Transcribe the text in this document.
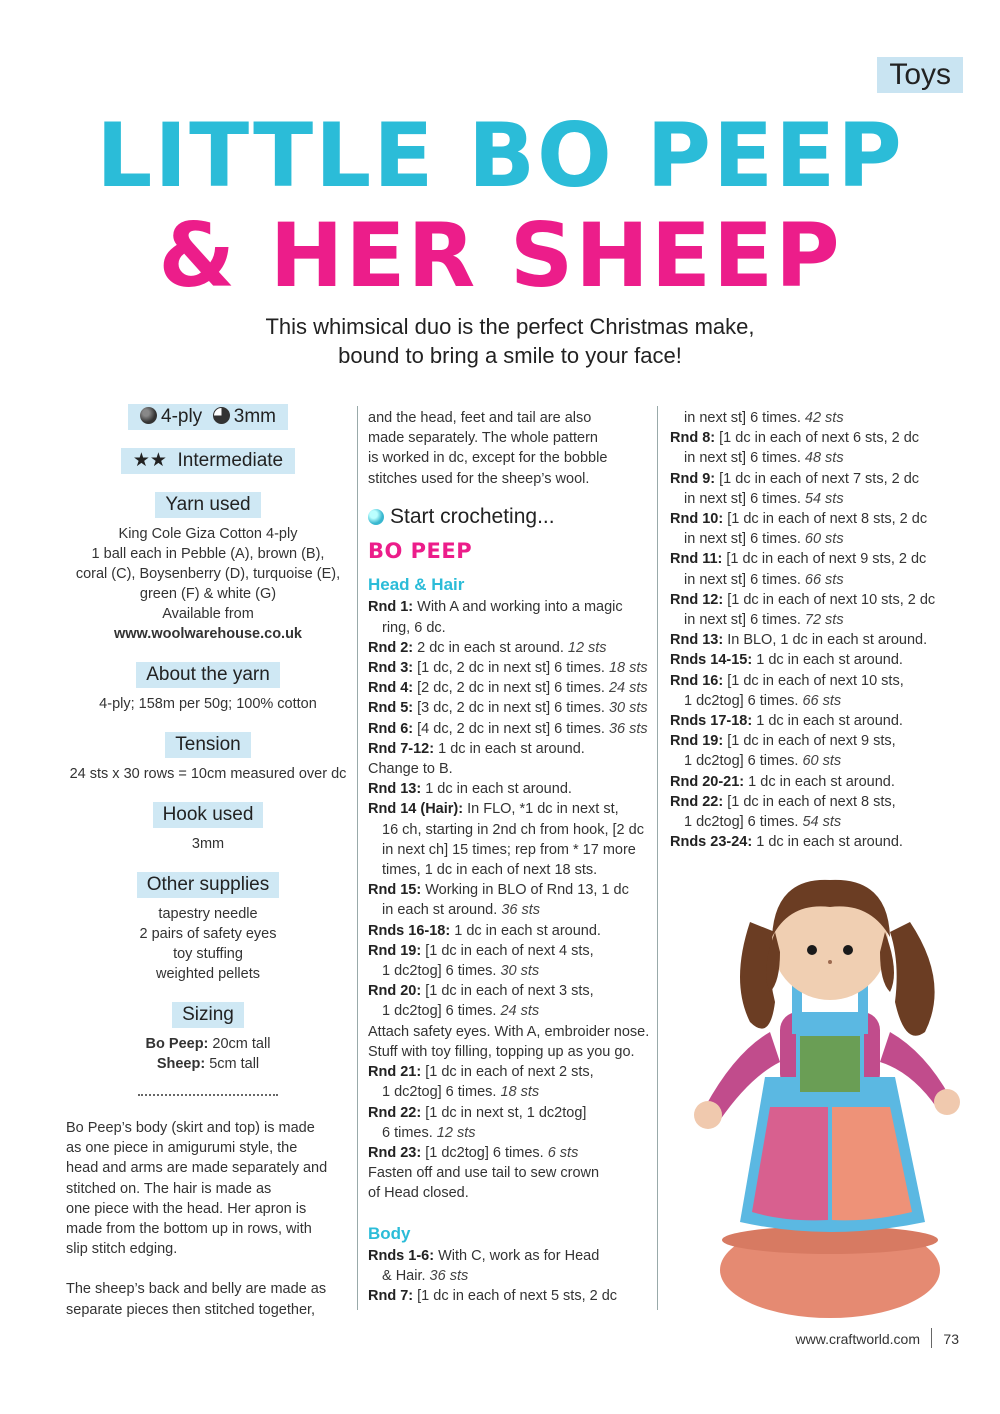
Toys
LITTLE BO PEEP
& HER SHEEP
This whimsical duo is the perfect Christmas make,
bound to bring a smile to your face!
4-ply 3mm
★★ Intermediate
Yarn used

King Cole Giza Cotton 4-ply

1 ball each in Pebble (A), brown (B),

coral (C), Boysenberry (D), turquoise (E),

green (F) & white (G)

Available from

www.woolwarehouse.co.uk

About the yarn

4-ply; 158m per 50g; 100% cotton

Tension

24 sts x 30 rows = 10cm measured over dc

Hook used

3mm

Other supplies

tapestry needle

2 pairs of safety eyes

toy stuffing

weighted pellets

Sizing

Bo Peep: 20cm tall

Sheep: 5cm tall

Bo Peep’s body (skirt and top) is made
as one piece in amigurumi style, the
head and arms are made separately and
stitched on. The hair is made as
one piece with the head. Her apron is
made from the bottom up in rows, with
slip stitch edging.
The sheep’s back and belly are made as
separate pieces then stitched together,
and the head, feet and tail are also
made separately. The whole pattern
is worked in dc, except for the bobble
stitches used for the sheep’s wool.
Start crocheting...
BO PEEP
Head & Hair
Rnd 1: With A and working into a magic
ring, 6 dc.
Rnd 2: 2 dc in each st around. 12 sts
Rnd 3: [1 dc, 2 dc in next st] 6 times. 18 sts
Rnd 4: [2 dc, 2 dc in next st] 6 times. 24 sts
Rnd 5: [3 dc, 2 dc in next st] 6 times. 30 sts
Rnd 6: [4 dc, 2 dc in next st] 6 times. 36 sts
Rnd 7-12: 1 dc in each st around.
Change to B.
Rnd 13: 1 dc in each st around.
Rnd 14 (Hair): In FLO, *1 dc in next st,
16 ch, starting in 2nd ch from hook, [2 dc
in next ch] 15 times; rep from * 17 more
times, 1 dc in each of next 18 sts.
Rnd 15: Working in BLO of Rnd 13, 1 dc
in each st around. 36 sts
Rnds 16-18: 1 dc in each st around.
Rnd 19: [1 dc in each of next 4 sts,
1 dc2tog] 6 times. 30 sts
Rnd 20: [1 dc in each of next 3 sts,
1 dc2tog] 6 times. 24 sts
Attach safety eyes. With A, embroider nose.
Stuff with toy filling, topping up as you go.
Rnd 21: [1 dc in each of next 2 sts,
1 dc2tog] 6 times. 18 sts
Rnd 22: [1 dc in next st, 1 dc2tog]
6 times. 12 sts
Rnd 23: [1 dc2tog] 6 times. 6 sts
Fasten off and use tail to sew crown
of Head closed.
Body
Rnds 1-6: With C, work as for Head
& Hair. 36 sts
Rnd 7: [1 dc in each of next 5 sts, 2 dc
in next st] 6 times. 42 sts
Rnd 8: [1 dc in each of next 6 sts, 2 dc
in next st] 6 times. 48 sts
Rnd 9: [1 dc in each of next 7 sts, 2 dc
in next st] 6 times. 54 sts
Rnd 10: [1 dc in each of next 8 sts, 2 dc
in next st] 6 times. 60 sts
Rnd 11: [1 dc in each of next 9 sts, 2 dc
in next st] 6 times. 66 sts
Rnd 12: [1 dc in each of next 10 sts, 2 dc
in next st] 6 times. 72 sts
Rnd 13: In BLO, 1 dc in each st around.
Rnds 14-15: 1 dc in each st around.
Rnd 16: [1 dc in each of next 10 sts,
1 dc2tog] 6 times. 66 sts
Rnds 17-18: 1 dc in each st around.
Rnd 19: [1 dc in each of next 9 sts,
1 dc2tog] 6 times. 60 sts
Rnd 20-21: 1 dc in each st around.
Rnd 22: [1 dc in each of next 8 sts,
1 dc2tog] 6 times. 54 sts
Rnds 23-24: 1 dc in each st around.
www.craftworld.com 73
